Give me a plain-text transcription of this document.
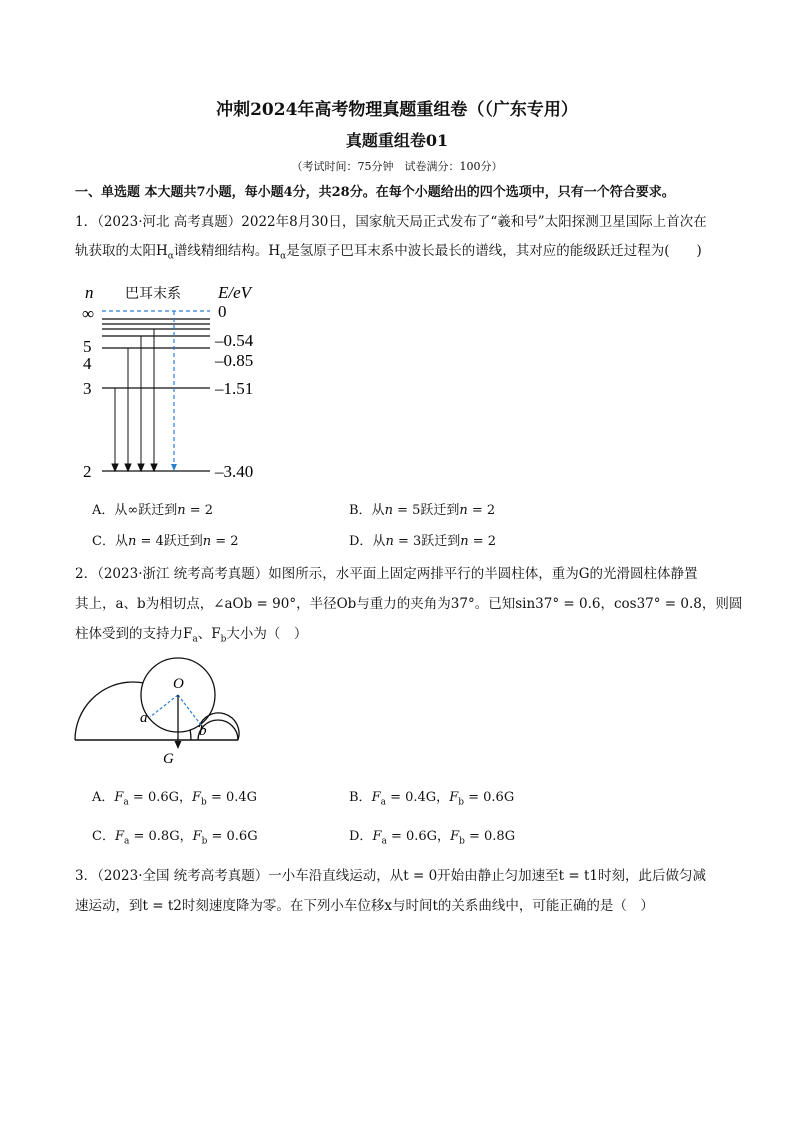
冲刺2024年高考物理真题重组卷（（广东专用）
真题重组卷01
（考试时间：75分钟　试卷满分：100分）
一、单选题 本大题共7小题，每小题4分，共28分。在每个小题给出的四个选项中，只有一个符合要求。
1．（2023·河北 高考真题）2022年8月30日，国家航天局正式发布了“羲和号”太阳探测卫星国际上首次在
轨获取的太阳$H_\alpha$谱线精细结构。$H_\alpha$是氢原子巴耳末系中波长最长的谱线，其对应的能级跃迁过程为(　　)
n 巴耳末系 E/eV
∞
5
4
3
2
0
–0.54
–0.85
–1.51
–3.40
A．从∞跃迁到n = 2	B．从n = 5跃迁到n = 2
C．从n = 4跃迁到n = 2	D．从n = 3跃迁到n = 2
2．（2023·浙江 统考高考真题）如图所示，水平面上固定两排平行的半圆柱体，重为G的光滑圆柱体静置
其上，a、b为相切点，∠aOb = 90°，半径Ob与重力的夹角为37°。已知sin37° = 0.6，cos37° = 0.8，则圆
柱体受到的支持力$F_a$、$F_b$大小为（　）
O
a
b
G
A．$F_a = 0.6G$，$F_b = 0.4G$	B．$F_a = 0.4G$，$F_b = 0.6G$
C．$F_a = 0.8G$，$F_b = 0.6G$	D．$F_a = 0.6G$，$F_b = 0.8G$
3．（2023·全国 统考高考真题）一小车沿直线运动，从t = 0开始由静止匀加速至t = t1时刻，此后做匀减
速运动，到t = t2时刻速度降为零。在下列小车位移x与时间t的关系曲线中，可能正确的是（　）
